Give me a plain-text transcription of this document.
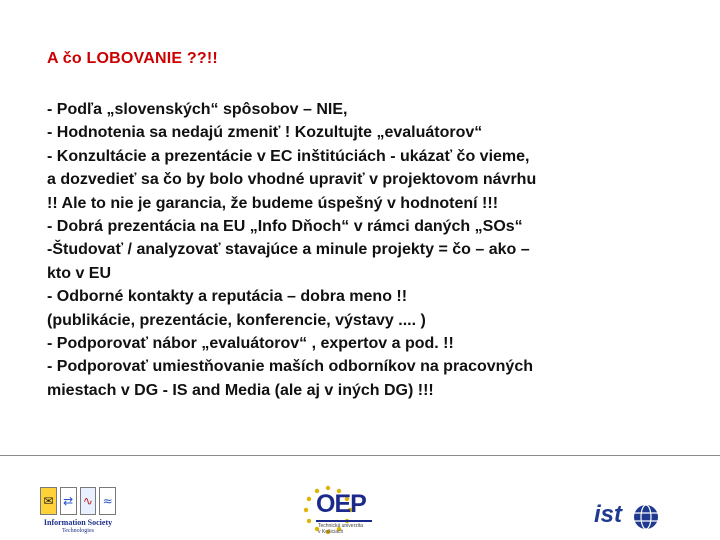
A čo LOBOVANIE ??!!
- Podľa „slovenských“ spôsobov – NIE,
- Hodnotenia sa nedajú zmeniť ! Kozultujte „evaluátorov“
- Konzultácie a prezentácie v EC inštitúciách - ukázať čo vieme,
a dozvedieť sa čo by bolo vhodné upraviť v projektovom návrhu
!! Ale to nie je garancia, že budeme úspešný v hodnotení !!!
- Dobrá prezentácia na EU „Info Dňoch“ v rámci daných „SOs“
-Študovať / analyzovať stavajúce a minule projekty = čo – ako –
kto v EU
- Odborné kontakty a reputácia – dobra meno !!
(publikácie, prezentácie, konferencie, výstavy .... )
- Podporovať nábor „evaluátorov“ , expertov a pod. !!
- Podporovať umiestňovanie maších odborníkov na pracovných
miestach v DG - IS and Media (ale aj v iných DG) !!!
✉ ⇄ ∿ ≈
Information Society
Technologies
OEP
Technická univerzita
v Košiciach
ist
